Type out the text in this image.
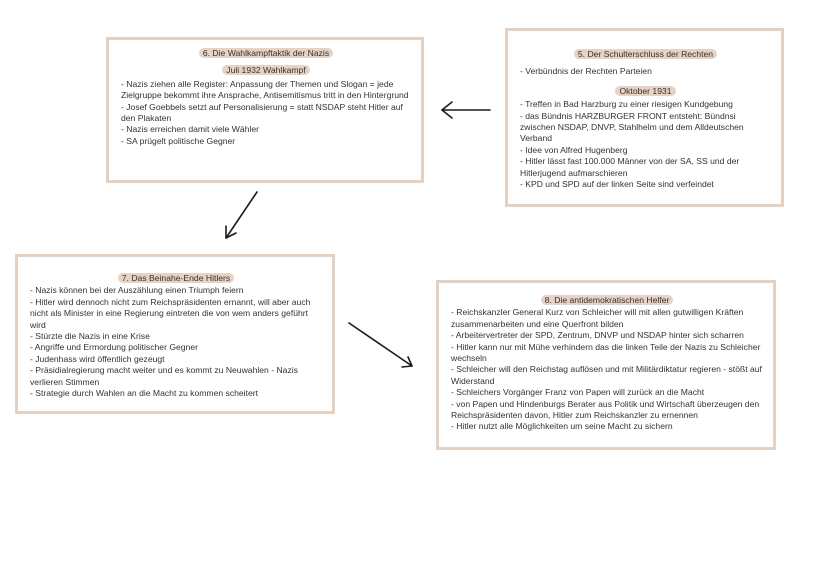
6. Die Wahlkampftaktik der Nazis
Juli 1932 Wahlkampf
- Nazis ziehen alle Register: Anpassung der Themen und Slogan = jede Zielgruppe bekommt ihre Ansprache, Antisemitismus tritt in den Hintergrund
- Josef Goebbels setzt auf Personalisierung = statt NSDAP steht Hitler auf den Plakaten
- Nazis erreichen damit viele Wähler
- SA prügelt politische Gegner
5. Der Schulterschluss der Rechten
- Verbündnis der Rechten Parteien
Oktober 1931
- Treffen in Bad Harzburg zu einer riesigen Kundgebung
- das Bündnis HARZBURGER FRONT entsteht: Bündnsi zwischen NSDAP, DNVP, Stahlhelm und dem Alldeutschen Verband
- Idee von Alfred Hugenberg
- Hitler lässt fast 100.000 Männer von der SA, SS und der Hitlerjugend aufmarschieren
- KPD und SPD auf der linken Seite sind verfeindet
7. Das Beinahe-Ende Hitlers
- Nazis können bei der Auszählung einen Triumph feiern
- Hitler wird dennoch nicht zum Reichspräsidenten ernannt, will aber auch nicht als Minister in eine Regierung eintreten die von wem anders geführt wird
- Stürzte die Nazis in eine Krise
- Angriffe und Ermordung politischer Gegner
- Judenhass wird öffentlich gezeugt
- Präsidialregierung macht weiter und es kommt zu Neuwahlen - Nazis verlieren Stimmen
- Strategie durch Wahlen an die Macht zu kommen scheitert
8. Die antidemokratischen Helfer
- Reichskanzler General Kurz von Schleicher will mit allen gutwilligen Kräften zusammenarbeiten und eine Querfront bilden
- Arbeitervertreter der SPD, Zentrum, DNVP und NSDAP hinter sich scharren
- Hitler kann nur mit Mühe verhindern das die linken Teile der Nazis zu Schleicher wechseln
- Schleicher will den Reichstag auflösen und mit Militärdiktatur regieren - stößt auf Widerstand
- Schleichers Vorgänger Franz von Papen will zurück an die Macht
- von Papen und Hindenburgs Berater aus Politik und Wirtschaft überzeugen den Reichspräsidenten davon, Hitler zum Reichskanzler zu ernennen
- Hitler nutzt alle Möglichkeiten um seine Macht zu sichern
